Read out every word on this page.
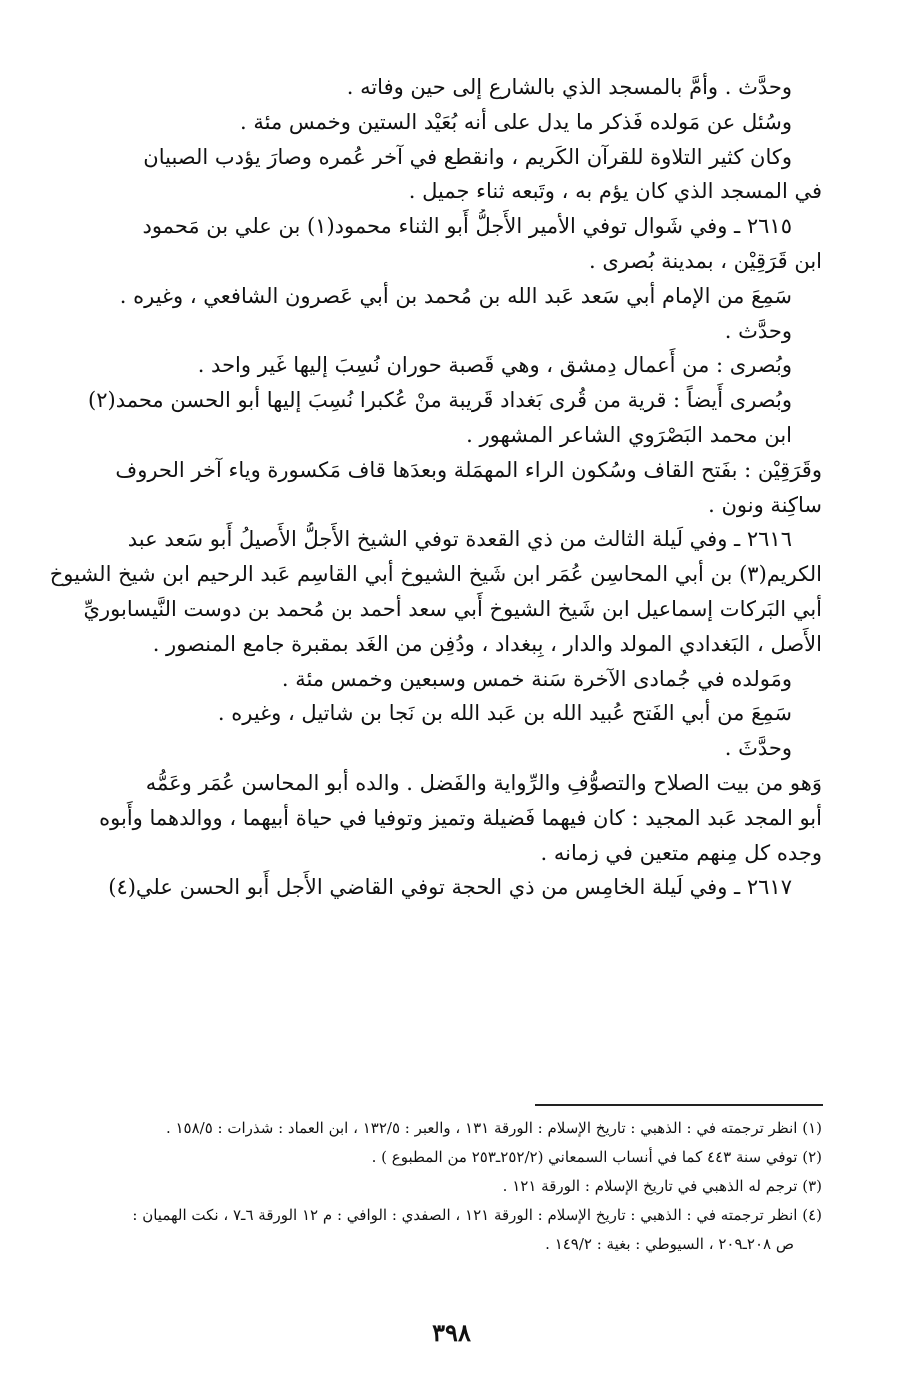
وحدَّث . وأمَّ بالمسجد الذي بالشارع إلى حين وفاته .
وسُئل عن مَولده فَذكر ما يدل على أنه بُعَيْد الستين وخمس مئة .
وكان كثير التلاوة للقرآن الكَريم ، وانقطع في آخر عُمره وصارَ يؤدب الصبيان
في المسجد الذي كان يؤم به ، وتَبعه ثناء جميل .
٢٦١٥ ـ وفي شَوال توفي الأمير الأَجلُّ أَبو الثناء محمود(١) بن علي بن مَحمود
ابن قَرَقِيْن ، بمدينة بُصرى .
سَمِعَ من الإمام أبي سَعد عَبد الله بن مُحمد بن أبي عَصرون الشافعي ، وغيره .
وحدَّث .
وبُصرى : من أَعمال دِمشق ، وهي قَصبة حوران نُسِبَ إليها غَير واحد .
وبُصرى أَيضاً : قرية من قُرى بَغداد قَريبة منْ عُكبرا نُسِبَ إليها أبو الحسن محمد(٢)
ابن محمد البَصْرَوي الشاعر المشهور .
وقَرَقِيْن : بفَتح القاف وسُكون الراء المهمَلة وبعدَها قاف مَكسورة وياء آخر الحروف
ساكِنة ونون .
٢٦١٦ ـ وفي لَيلة الثالث من ذي القعدة توفي الشيخ الأَجلُّ الأَصيلُ أَبو سَعد عبد
الكريم(٣) بن أبي المحاسِن عُمَر ابن شَيخ الشيوخ أبي القاسِم عَبد الرحيم ابن شيخ الشيوخ
أبي البَركات إسماعيل ابن شَيخ الشيوخ أَبي سعد أحمد بن مُحمد بن دوست النَّيسابوريِّ
الأَصل ، البَغدادي المولد والدار ، بِبغداد ، ودُفِن من الغَد بمقبرة جامع المنصور .
ومَولده في جُمادى الآخرة سَنة خمس وسبعين وخمس مئة .
سَمِعَ من أبي الفَتح عُبيد الله بن عَبد الله بن نَجا بن شاتيل ، وغيره .
وحدَّثَ .
وَهو من بيت الصلاح والتصوُّفِ والرِّواية والفَضل . والده أبو المحاسن عُمَر وعَمُّه
أبو المجد عَبد المجيد : كان فيهما فَضيلة وتميز وتوفيا في حياة أبيهما ، ووالدهما وأَبوه
وجده كل مِنهم متعين في زمانه .
٢٦١٧ ـ وفي لَيلة الخامِس من ذي الحجة توفي القاضي الأَجل أَبو الحسن علي(٤)
(١) انظر ترجمته في : الذهبي : تاريخ الإسلام : الورقة ١٣١ ، والعبر : ١٣٢/٥ ، ابن العماد : شذرات : ١٥٨/٥ .
(٢) توفي سنة ٤٤٣ كما في أنساب السمعاني (٢٥٢/٢ـ٢٥٣ من المطبوع ) .
(٣) ترجم له الذهبي في تاريخ الإسلام : الورقة ١٢١ .
(٤) انظر ترجمته في : الذهبي : تاريخ الإسلام : الورقة ١٢١ ، الصفدي : الوافي : م ١٢ الورقة ٦ـ٧ ، نكت الهميان :
ص ٢٠٨ـ٢٠٩ ، السيوطي : بغية : ١٤٩/٢ .
٣٩٨
